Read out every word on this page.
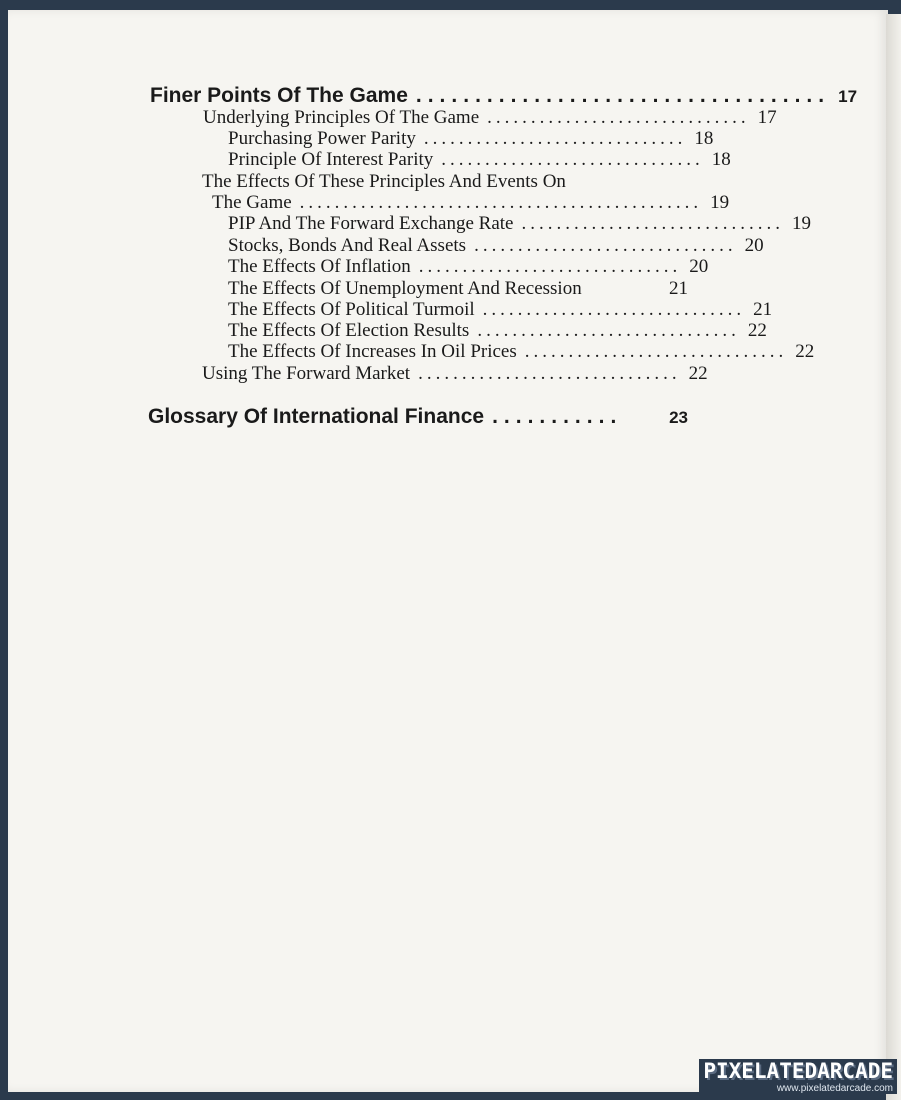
Finer Points Of The Game ................................... 17
Underlying Principles Of The Game .............................. 17
Purchasing Power Parity .............................. 18
Principle Of Interest Parity .............................. 18
The Effects Of These Principles And Events On
The Game .............................................. 19
PIP And The Forward Exchange Rate .............................. 19
Stocks, Bonds And Real Assets .............................. 20
The Effects Of Inflation .............................. 20
The Effects Of Unemployment And Recession	21
The Effects Of Political Turmoil .............................. 21
The Effects Of Election Results .............................. 22
The Effects Of Increases In Oil Prices .............................. 22
Using The Forward Market .............................. 22
Glossary Of International Finance ...........	23
PIXELATEDARCADE
www.pixelatedarcade.com
